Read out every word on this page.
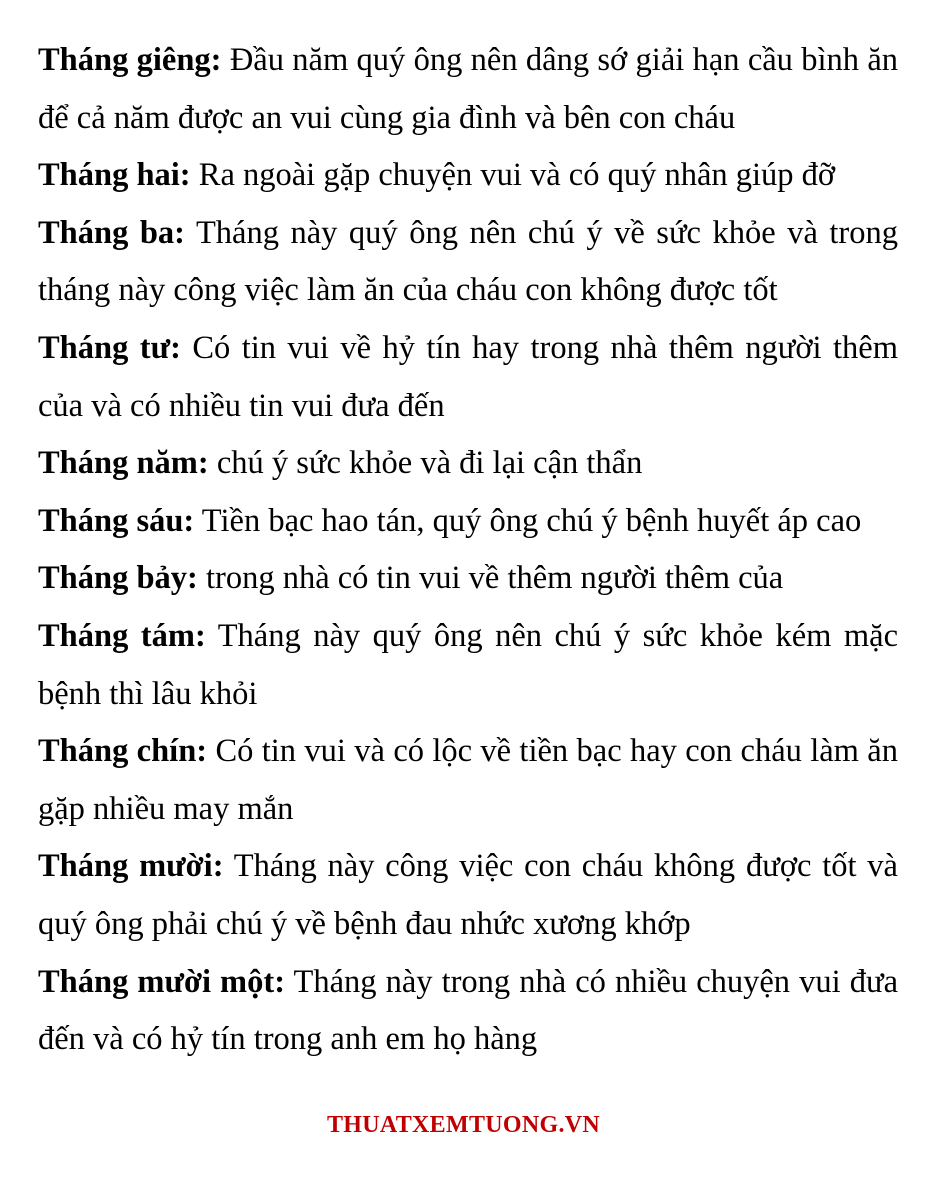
Tháng giêng: Đầu năm quý ông nên dâng sớ giải hạn cầu bình ăn để cả năm được an vui cùng gia đình và bên con cháu

Tháng hai: Ra ngoài gặp chuyện vui và có quý nhân giúp đỡ

Tháng ba: Tháng này quý ông nên chú ý về sức khỏe và trong tháng này công việc làm ăn của cháu con không được tốt

Tháng tư: Có tin vui về hỷ tín hay trong nhà thêm người thêm của và có nhiều tin vui đưa đến

Tháng năm: chú ý sức khỏe và đi lại cận thẩn

Tháng sáu: Tiền bạc hao tán, quý ông chú ý bệnh huyết áp cao

Tháng bảy: trong nhà có tin vui về thêm người thêm của

Tháng tám: Tháng này quý ông nên chú ý sức khỏe kém mặc bệnh thì lâu khỏi

Tháng chín: Có tin vui và có lộc về tiền bạc hay con cháu làm ăn gặp nhiều may mắn

Tháng mười: Tháng này công việc con cháu không được tốt và quý ông phải chú ý về bệnh đau nhức xương khớp

Tháng mười một: Tháng này trong nhà có nhiều chuyện vui đưa đến và có hỷ tín trong anh em họ hàng

THUATXEMTUONG.VN
